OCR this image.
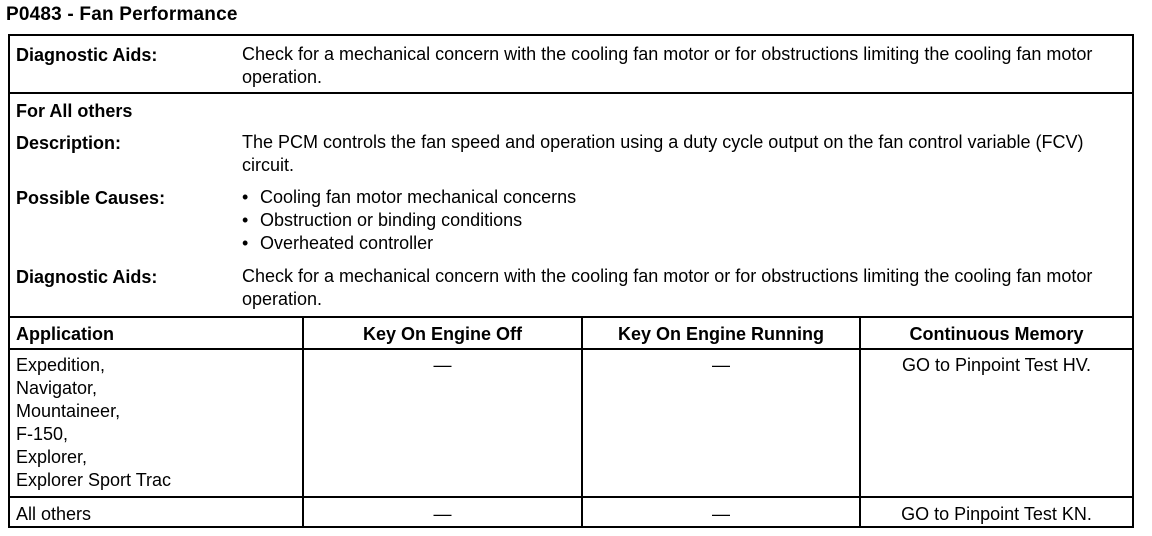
P0483 - Fan Performance
Diagnostic Aids:	Check for a mechanical concern with the cooling fan motor or for obstructions limiting the cooling fan motor operation.
For All others
Description:	The PCM controls the fan speed and operation using a duty cycle output on the fan control variable (FCV) circuit.
Possible Causes:
•	Cooling fan motor mechanical concerns
• Obstruction or binding conditions
• Overheated controller
Diagnostic Aids:	Check for a mechanical concern with the cooling fan motor or for obstructions limiting the cooling fan motor operation.
Application	Key On Engine Off	Key On Engine Running	Continuous Memory
Expedition,
Navigator,
Mountaineer,
F-150,
Explorer,
Explorer Sport Trac
—	—	GO to Pinpoint Test HV.
All others	—	—	GO to Pinpoint Test KN.
